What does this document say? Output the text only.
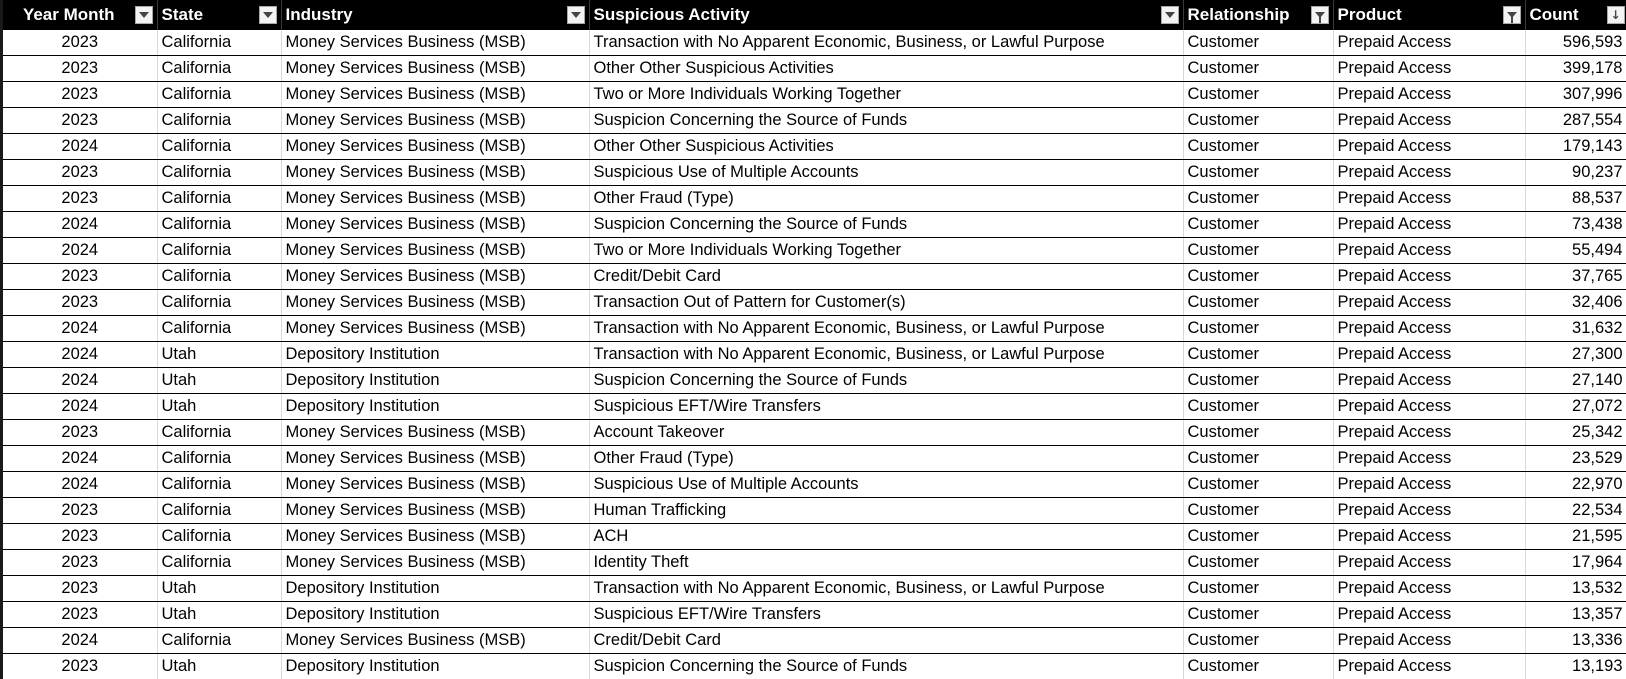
Year Month	State	Industry	Suspicious Activity	Relationship	Product	Count ↓

2023	California	Money Services Business (MSB)	Transaction with No Apparent Economic, Business, or Lawful Purpose	Customer	Prepaid Access	596,593
2023	California	Money Services Business (MSB)	Other Other Suspicious Activities	Customer	Prepaid Access	399,178
2023	California	Money Services Business (MSB)	Two or More Individuals Working Together	Customer	Prepaid Access	307,996
2023	California	Money Services Business (MSB)	Suspicion Concerning the Source of Funds	Customer	Prepaid Access	287,554
2024	California	Money Services Business (MSB)	Other Other Suspicious Activities	Customer	Prepaid Access	179,143
2023	California	Money Services Business (MSB)	Suspicious Use of Multiple Accounts	Customer	Prepaid Access	90,237
2023	California	Money Services Business (MSB)	Other Fraud (Type)	Customer	Prepaid Access	88,537
2024	California	Money Services Business (MSB)	Suspicion Concerning the Source of Funds	Customer	Prepaid Access	73,438
2024	California	Money Services Business (MSB)	Two or More Individuals Working Together	Customer	Prepaid Access	55,494
2023	California	Money Services Business (MSB)	Credit/Debit Card	Customer	Prepaid Access	37,765
2023	California	Money Services Business (MSB)	Transaction Out of Pattern for Customer(s)	Customer	Prepaid Access	32,406
2024	California	Money Services Business (MSB)	Transaction with No Apparent Economic, Business, or Lawful Purpose	Customer	Prepaid Access	31,632
2024	Utah	Depository Institution	Transaction with No Apparent Economic, Business, or Lawful Purpose	Customer	Prepaid Access	27,300
2024	Utah	Depository Institution	Suspicion Concerning the Source of Funds	Customer	Prepaid Access	27,140
2024	Utah	Depository Institution	Suspicious EFT/Wire Transfers	Customer	Prepaid Access	27,072
2023	California	Money Services Business (MSB)	Account Takeover	Customer	Prepaid Access	25,342
2024	California	Money Services Business (MSB)	Other Fraud (Type)	Customer	Prepaid Access	23,529
2024	California	Money Services Business (MSB)	Suspicious Use of Multiple Accounts	Customer	Prepaid Access	22,970
2023	California	Money Services Business (MSB)	Human Trafficking	Customer	Prepaid Access	22,534
2023	California	Money Services Business (MSB)	ACH	Customer	Prepaid Access	21,595
2023	California	Money Services Business (MSB)	Identity Theft	Customer	Prepaid Access	17,964
2023	Utah	Depository Institution	Transaction with No Apparent Economic, Business, or Lawful Purpose	Customer	Prepaid Access	13,532
2023	Utah	Depository Institution	Suspicious EFT/Wire Transfers	Customer	Prepaid Access	13,357
2024	California	Money Services Business (MSB)	Credit/Debit Card	Customer	Prepaid Access	13,336
2023	Utah	Depository Institution	Suspicion Concerning the Source of Funds	Customer	Prepaid Access	13,193
